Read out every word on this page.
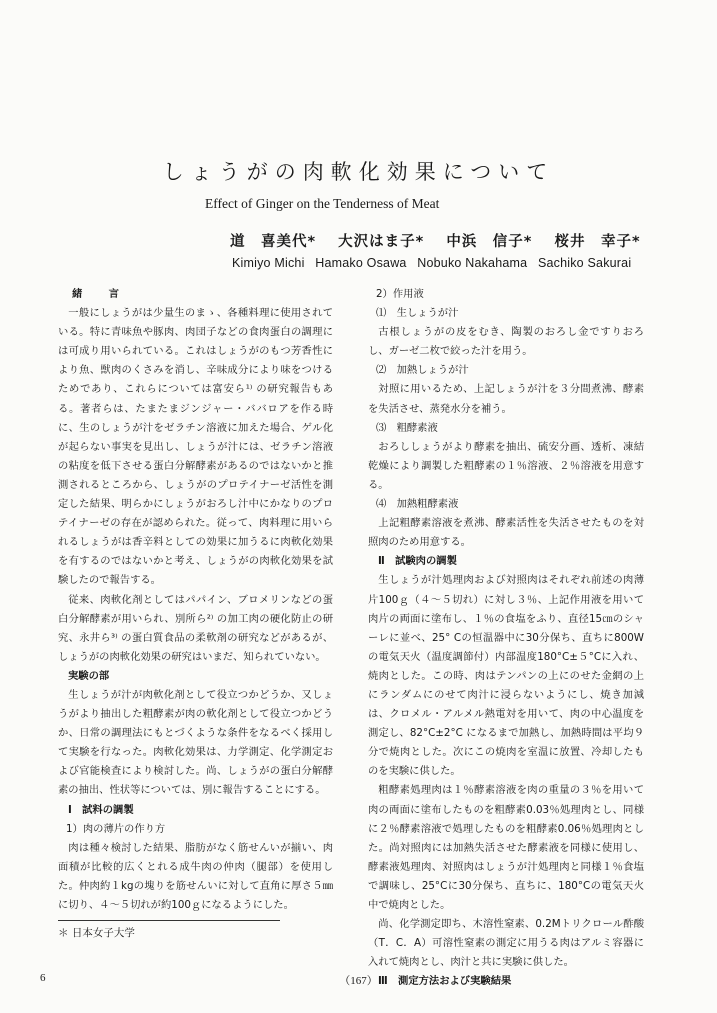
しょうがの肉軟化効果について
Effect of Ginger on the Tenderness of Meat
道　喜美代* 大沢はま子* 中浜　信子* 桜井　幸子*
Kimiyo Michi Hamako Osawa Nobuko Nakahama Sachiko Sakurai
緒　言

一般にしょうがは少量生のまゝ、各種料理に使用されている。特に青味魚や豚肉、肉団子などの食肉蛋白の調理には可成り用いられている。これはしょうがのもつ芳香性により魚、獣肉のくさみを消し、辛味成分により味をつけるためであり、これらについては富安ら¹⁾ の研究報告もある。著者らは、たまたまジンジャー・ババロアを作る時に、生のしょうが汁をゼラチン溶液に加えた場合、ゲル化が起らない事実を見出し、しょうが汁には、ゼラチン溶液の粘度を低下させる蛋白分解酵素があるのではないかと推測されるところから、しょうがのプロテイナーゼ活性を測定した結果、明らかにしょうがおろし汁中にかなりのプロテイナーゼの存在が認められた。従って、肉料理に用いられるしょうがは香辛料としての効果に加うるに肉軟化効果を有するのではないかと考え、しょうがの肉軟化効果を試験したので報告する。

従来、肉軟化剤としてはパパイン、ブロメリンなどの蛋白分解酵素が用いられ、別所ら²⁾ の加工肉の硬化防止の研究、永井ら³⁾ の蛋白質食品の柔軟剤の研究などがあるが、しょうがの肉軟化効果の研究はいまだ、知られていない。

実験の部

生しょうが汁が肉軟化剤として役立つかどうか、又しょうがより抽出した粗酵素が肉の軟化剤として役立つかどうか、日常の調理法にもとづくような条件をなるべく採用して実験を行なった。肉軟化効果は、力学測定、化学測定および官能検査により検討した。尚、しょうがの蛋白分解酵素の抽出、性状等については、別に報告することにする。

Ⅰ　試料の調製
1）肉の薄片の作り方

肉は種々検討した結果、脂肪がなく筋せんいが揃い、肉面積が比較的広くとれる成牛肉の仲肉（腿部）を使用した。仲肉約１kgの塊りを筋せんいに対して直角に厚さ５㎜に切り、４～５切れが約100ｇになるようにした。

2）作用液
⑴　生しょうが汁

古根しょうがの皮をむき、陶製のおろし金ですりおろし、ガーゼ二枚で絞った汁を用う。

⑵　加熱しょうが汁

対照に用いるため、上記しょうが汁を３分間煮沸、酵素を失活させ、蒸発水分を補う。

⑶　粗酵素液

おろししょうがより酵素を抽出、硫安分画、透析、凍結乾燥により調製した粗酵素の１％溶液、２％溶液を用意する。

⑷　加熱粗酵素液

上記粗酵素溶液を煮沸、酵素活性を失活させたものを対照肉のため用意する。

Ⅱ　試験肉の調製

生しょうが汁処理肉および対照肉はそれぞれ前述の肉薄片100ｇ（４～５切れ）に対し３％、上記作用液を用いて肉片の両面に塗布し、１％の食塩をふり、直径15㎝のシャーレに並べ、25° Cの恒温器中に30分保ち、直ちに800Wの電気天火（温度調節付）内部温度180°C±５°Cに入れ、焼肉とした。この時、肉はテンパンの上にのせた金網の上にランダムにのせて肉汁に浸らないようにし、焼き加減は、クロメル・アルメル熱電対を用いて、肉の中心温度を測定し、82°C±2°C になるまで加熱し、加熱時間は平均９分で焼肉とした。次にこの焼肉を室温に放置、冷却したものを実験に供した。

粗酵素処理肉は１％酵素溶液を肉の重量の３％を用いて肉の両面に塗布したものを粗酵素0.03％処理肉とし、同様に２％酵素溶液で処理したものを粗酵素0.06％処理肉とした。尚対照肉には加熱失活させた酵素液を同様に使用し、酵素液処理肉、対照肉はしょうが汁処理肉と同様１％食塩で調味し、25°Cに30分保ち、直ちに、180°Cの電気天火中で焼肉とした。

尚、化学測定即ち、木溶性窒素、0.2Mトリクロール酢酸（T．C．A）可溶性窒素の測定に用うる肉はアルミ容器に入れて焼肉とし、肉汁と共に実験に供した。

Ⅲ　測定方法および実験結果
＊ 日本女子大学
6	（167）
